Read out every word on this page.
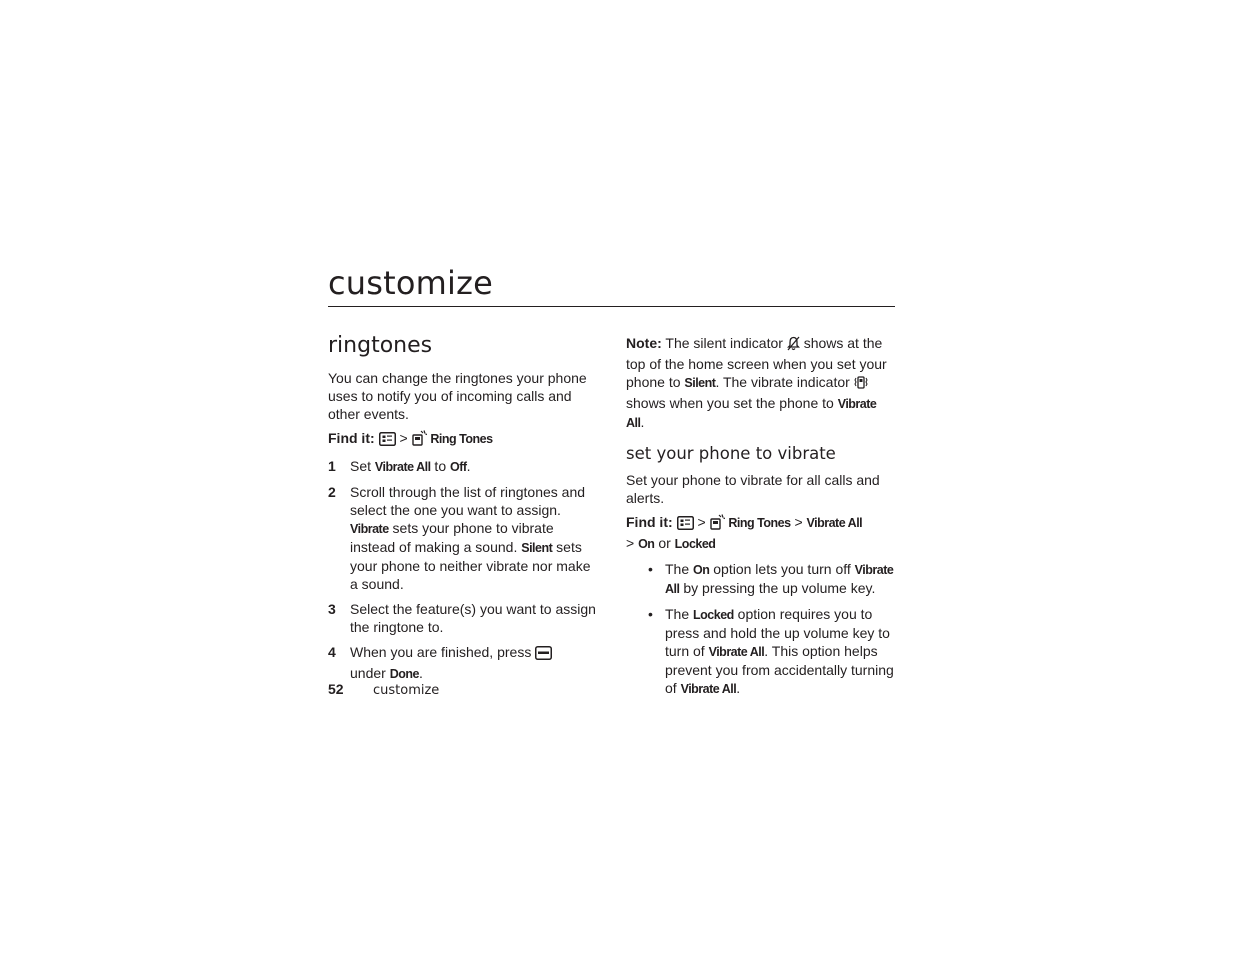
customize
ringtones

You can change the ringtones your phone uses to notify you of incoming calls and other events.

Find it: > Ring Tones

1 Set Vibrate All to Off.
2 Scroll through the list of ringtones and select the one you want to assign. Vibrate sets your phone to vibrate instead of making a sound. Silent sets your phone to neither vibrate nor make a sound.
3 Select the feature(s) you want to assign the ringtone to.
4 When you are finished, press
under Done.

Note: The silent indicator  shows at the top of the home screen when you set your phone to Silent. The vibrate indicator  shows when you set the phone to Vibrate All.

set your phone to vibrate

Set your phone to vibrate for all calls and alerts.

Find it: > Ring Tones > Vibrate All
> On or Locked

• The On option lets you turn off Vibrate All by pressing the up volume key.
• The Locked option requires you to press and hold the up volume key to turn of Vibrate All. This option helps prevent you from accidentally turning of Vibrate All.
52 customize
